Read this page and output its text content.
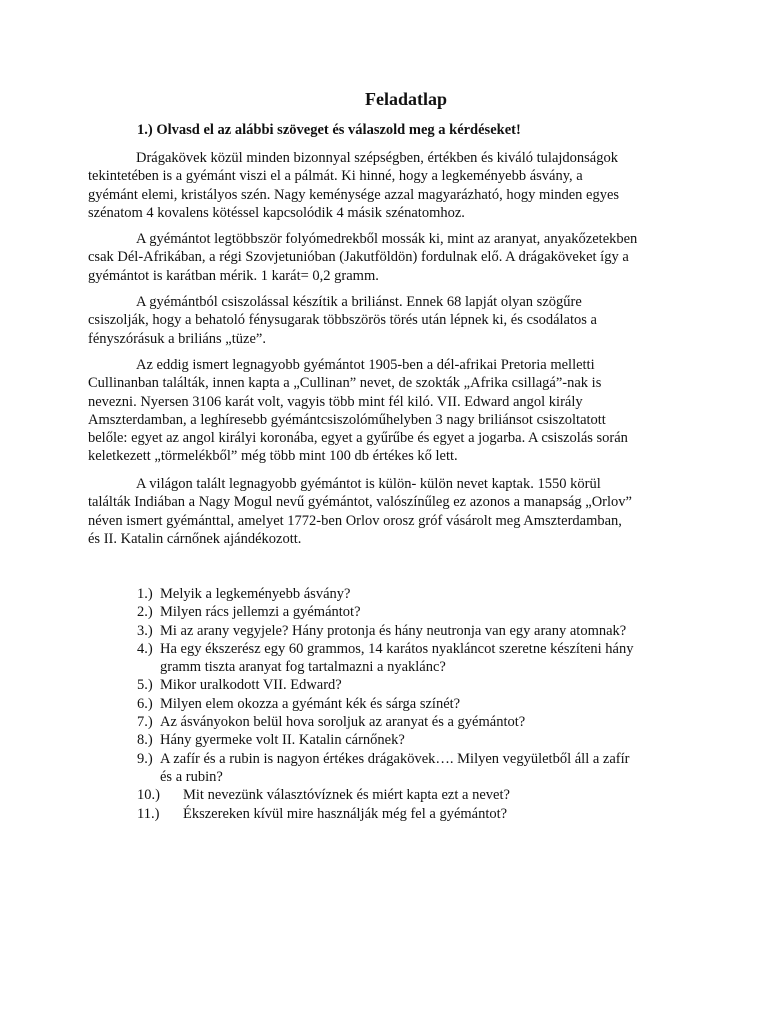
Feladatlap
1.) Olvasd el az alábbi szöveget és válaszold meg a kérdéseket!
Drágakövek közül minden bizonnyal szépségben, értékben és kiváló tulajdonságok
tekintetében is a gyémánt viszi el a pálmát. Ki hinné, hogy a legkeményebb ásvány, a
gyémánt elemi, kristályos szén. Nagy keménysége azzal magyarázható, hogy minden egyes
szénatom 4 kovalens kötéssel kapcsolódik 4 másik szénatomhoz.
A gyémántot legtöbbször folyómedrekből mossák ki, mint az aranyat, anyakőzetekben
csak Dél-Afrikában, a régi Szovjetunióban (Jakutföldön) fordulnak elő. A drágaköveket így a
gyémántot is karátban mérik. 1 karát= 0,2 gramm.
A gyémántból csiszolással készítik a briliánst. Ennek 68 lapját olyan szögűre
csiszolják, hogy a behatoló fénysugarak többszörös törés után lépnek ki, és csodálatos a
fényszórásuk a briliáns „tüze”.
Az eddig ismert legnagyobb gyémántot 1905-ben a dél-afrikai Pretoria melletti
Cullinanban találták, innen kapta a „Cullinan” nevet, de szokták „Afrika csillagá”-nak is
nevezni. Nyersen 3106 karát volt, vagyis több mint fél kiló. VII. Edward angol király
Amszterdamban, a leghíresebb gyémántcsiszolóműhelyben 3 nagy briliánsot csiszoltatott
belőle: egyet az angol királyi koronába, egyet a gyűrűbe és egyet a jogarba. A csiszolás során
keletkezett „törmelékből” még több mint 100 db értékes kő lett.
A világon talált legnagyobb gyémántot is külön- külön nevet kaptak. 1550 körül
találták Indiában a Nagy Mogul nevű gyémántot, valószínűleg ez azonos a manapság „Orlov”
néven ismert gyémánttal, amelyet 1772-ben Orlov orosz gróf vásárolt meg Amszterdamban,
és II. Katalin cárnőnek ajándékozott.
1.) Melyik a legkeményebb ásvány?
2.) Milyen rács jellemzi a gyémántot?
3.) Mi az arany vegyjele? Hány protonja és hány neutronja van egy arany atomnak?
4.) Ha egy ékszerész egy 60 grammos, 14 karátos nyakláncot szeretne készíteni hány
gramm tiszta aranyat fog tartalmazni a nyaklánc?
5.) Mikor uralkodott VII. Edward?
6.) Milyen elem okozza a gyémánt kék és sárga színét?
7.) Az ásványokon belül hova soroljuk az aranyat és a gyémántot?
8.) Hány gyermeke volt II. Katalin cárnőnek?
9.) A zafír és a rubin is nagyon értékes drágakövek…. Milyen vegyületből áll a zafír
és a rubin?
10.) Mit nevezünk választóvíznek és miért kapta ezt a nevet?
11.) Ékszereken kívül mire használják még fel a gyémántot?
